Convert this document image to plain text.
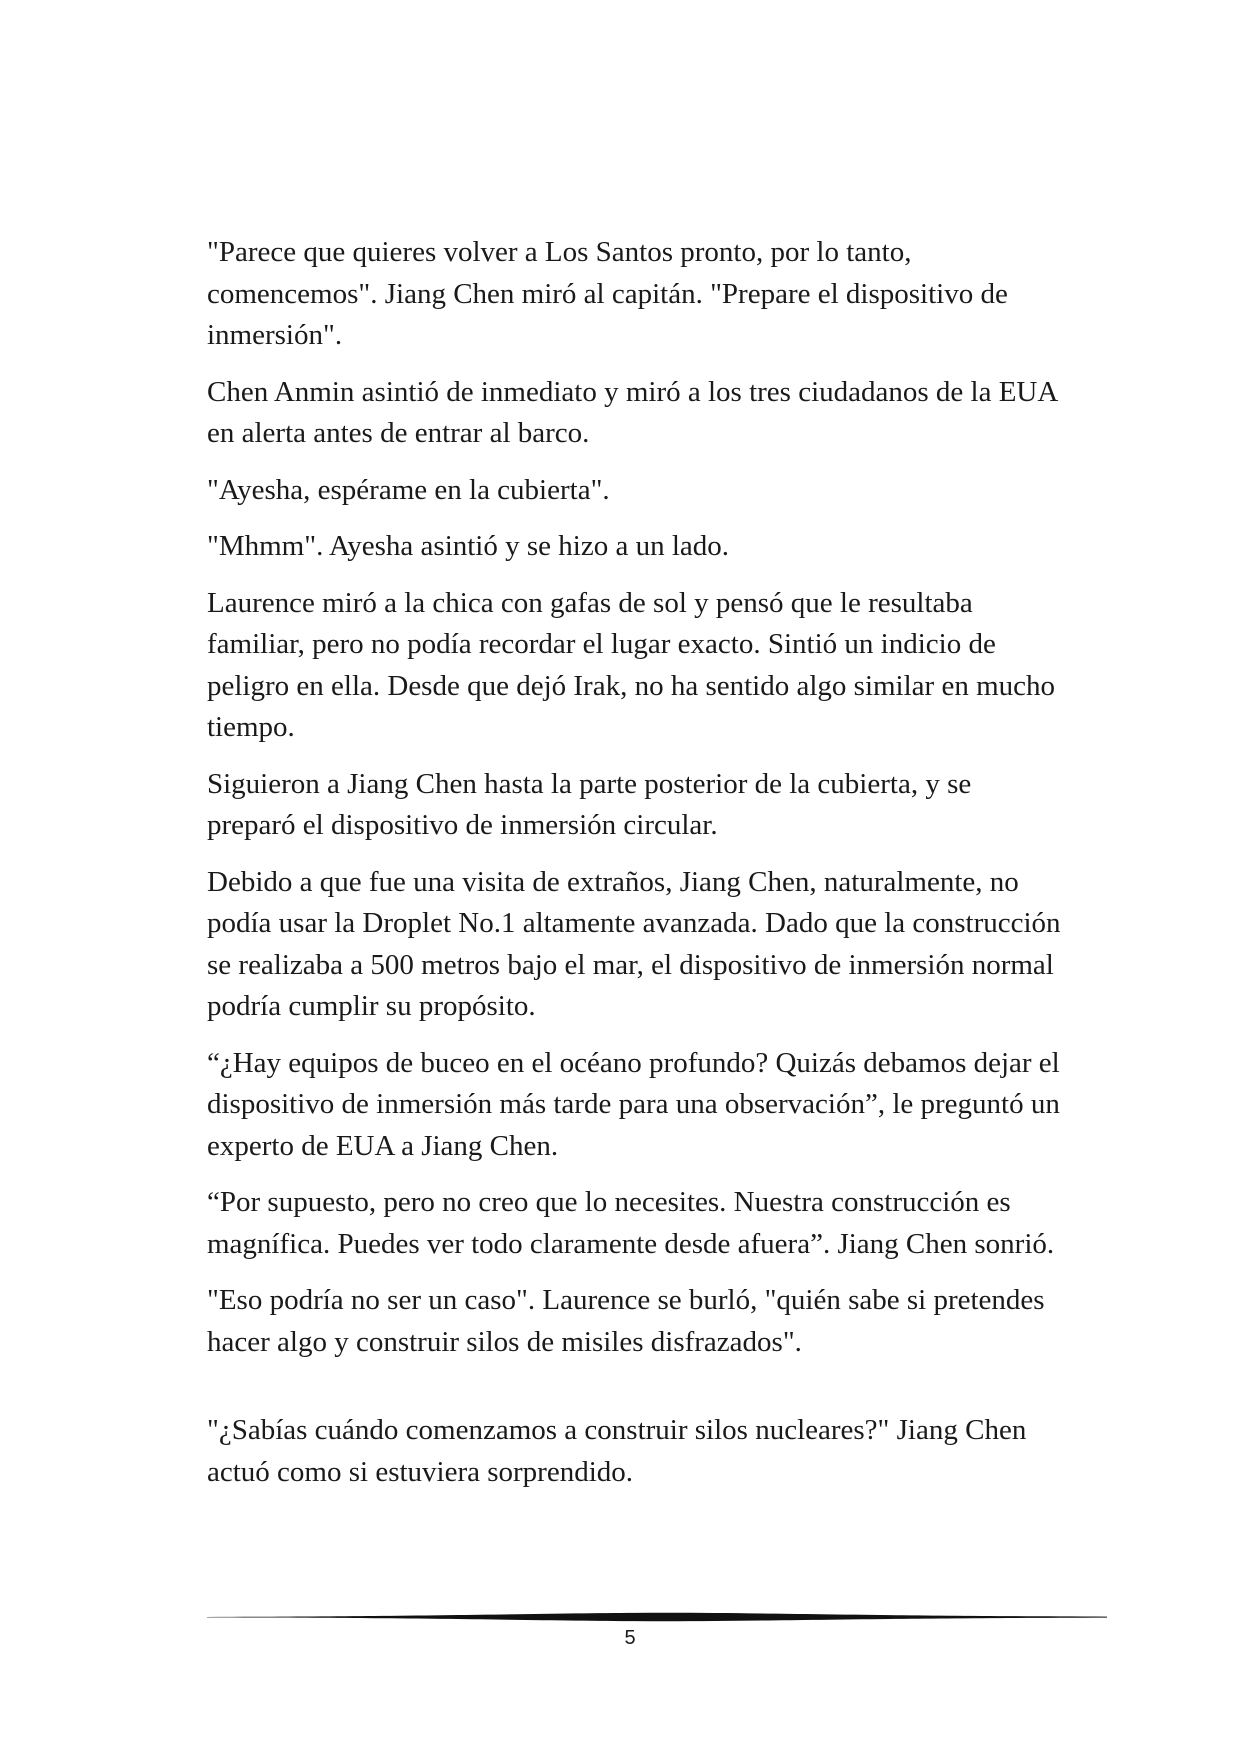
"Parece que quieres volver a Los Santos pronto, por lo tanto, comencemos". Jiang Chen miró al capitán. "Prepare el dispositivo de inmersión".

Chen Anmin asintió de inmediato y miró a los tres ciudadanos de la EUA en alerta antes de entrar al barco.

"Ayesha, espérame en la cubierta".

"Mhmm". Ayesha asintió y se hizo a un lado.

Laurence miró a la chica con gafas de sol y pensó que le resultaba familiar, pero no podía recordar el lugar exacto. Sintió un indicio de peligro en ella. Desde que dejó Irak, no ha sentido algo similar en mucho tiempo.

Siguieron a Jiang Chen hasta la parte posterior de la cubierta, y se preparó el dispositivo de inmersión circular.

Debido a que fue una visita de extraños, Jiang Chen, naturalmente, no podía usar la Droplet No.1 altamente avanzada. Dado que la construcción se realizaba a 500 metros bajo el mar, el dispositivo de inmersión normal podría cumplir su propósito.

“¿Hay equipos de buceo en el océano profundo? Quizás debamos dejar el dispositivo de inmersión más tarde para una observación”, le preguntó un experto de EUA a Jiang Chen.

“Por supuesto, pero no creo que lo necesites. Nuestra construcción es magnífica. Puedes ver todo claramente desde afuera”. Jiang Chen sonrió.

"Eso podría no ser un caso". Laurence se burló, "quién sabe si pretendes hacer algo y construir silos de misiles disfrazados".

"¿Sabías cuándo comenzamos a construir silos nucleares?" Jiang Chen actuó como si estuviera sorprendido.

5
